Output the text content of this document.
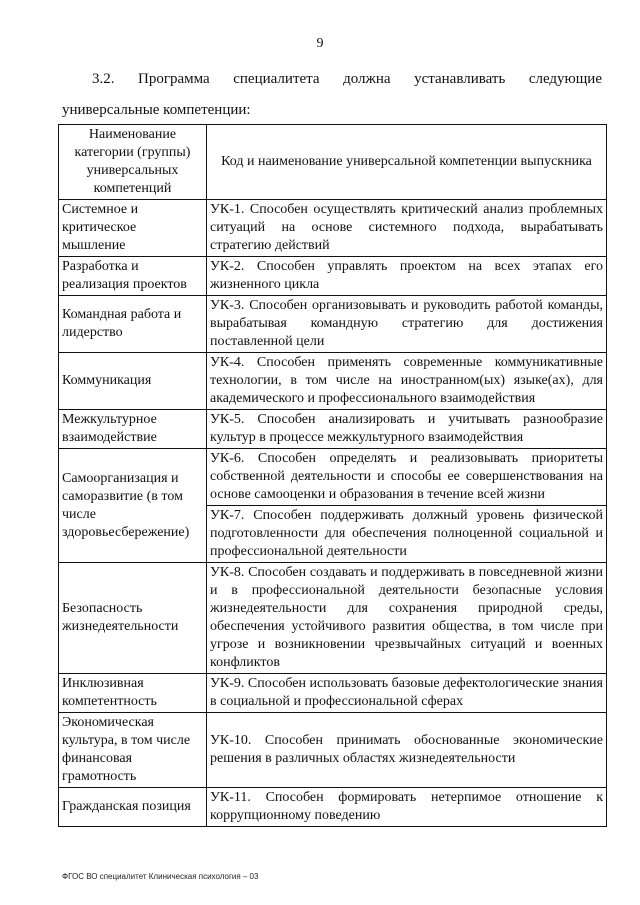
9
3.2. Программа специалитета должна устанавливать следующие
универсальные компетенции:
Наименование категории (группы) универсальных компетенций	Код и наименование универсальной компетенции выпускника
Системное и критическое мышление	УК-1. Способен осуществлять критический анализ проблемных ситуаций на основе системного подхода, вырабатывать стратегию действий
Разработка и реализация проектов	УК-2. Способен управлять проектом на всех этапах его жизненного цикла
Командная работа и лидерство	УК-3. Способен организовывать и руководить работой команды, вырабатывая командную стратегию для достижения поставленной цели
Коммуникация	УК-4. Способен применять современные коммуникативные технологии, в том числе на иностранном(ых) языке(ах), для академического и профессионального взаимодействия
Межкультурное взаимодействие	УК-5. Способен анализировать и учитывать разнообразие культур в процессе межкультурного взаимодействия
Самоорганизация и саморазвитие (в том числе здоровьесбережение)	УК-6. Способен определять и реализовывать приоритеты собственной деятельности и способы ее совершенствования на основе самооценки и образования в течение всей жизни
	УК-7. Способен поддерживать должный уровень физической подготовленности для обеспечения полноценной социальной и профессиональной деятельности
Безопасность жизнедеятельности	УК-8. Способен создавать и поддерживать в повседневной жизни и в профессиональной деятельности безопасные условия жизнедеятельности для сохранения природной среды, обеспечения устойчивого развития общества, в том числе при угрозе и возникновении чрезвычайных ситуаций и военных конфликтов
Инклюзивная компетентность	УК-9. Способен использовать базовые дефектологические знания в социальной и профессиональной сферах
Экономическая культура, в том числе финансовая грамотность	УК-10. Способен принимать обоснованные экономические решения в различных областях жизнедеятельности
Гражданская позиция	УК-11. Способен формировать нетерпимое отношение к коррупционному поведению
ФГОС ВО специалитет Клиническая психология – 03
